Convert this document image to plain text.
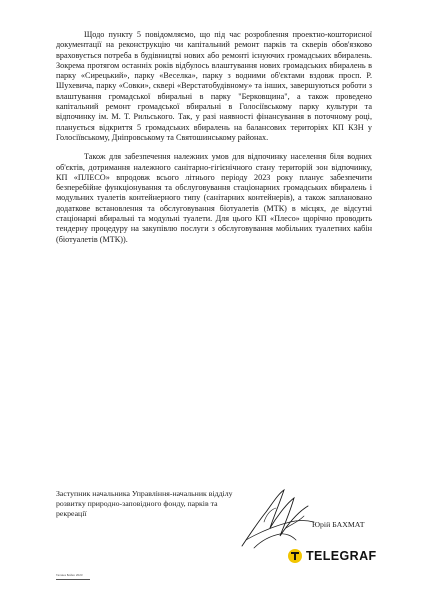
Щодо пункту 5 повідомляємо, що під час розроблення проектно-кошторисної документації на реконструкцію чи капітальний ремонт парків та скверів обов'язково враховується потреба в будівництві нових або ремонті існуючих громадських вбиралень. Зокрема протягом останніх років відбулось влаштування нових громадських вбиралень в парку «Сирецький», парку «Веселка», парку з водними об'єктами вздовж просп. Р. Шухевича, парку «Совки», сквері «Верстатобудівному» та інших, завершуються роботи з влаштування громадської вбиральні в парку "Берковщина", а також проведено капітальний ремонт громадської вбиральні в Голосіївському парку культури та відпочинку ім. М. Т. Рильського. Так, у разі наявності фінансування в поточному році, планується відкриття 5 громадських вбиралень на балансових територіях КП КЗН у Голосіївському, Дніпровському та Святошинському районах.

Також для забезпечення належних умов для відпочинку населення біля водних об'єктів, дотримання належного санітарно-гігієнічного стану територій зон відпочинку, КП «ПЛЕСО» впродовж всього літнього періоду 2023 року планує забезпечити безперебійне функціонування та обслуговування стаціонарних громадських вбиралень і модульних туалетів контейнерного типу (санітарних контейнерів), а також заплановано додаткове встановлення та обслуговування біотуалетів (МТК) в місцях, де відсутні стаціонарні вбиральні та модульні туалети. Для цього КП «Плесо» щорічно проводить тендерну процедуру на закупівлю послуги з обслуговування мобільних туалетних кабін (біотуалетів (МТК)).

Заступник начальника Управління-начальник відділу розвитку природно-заповідного фонду, парків та рекреації
Юрій БАХМАТ
TELEGRAF
Галина Бойко 2023
